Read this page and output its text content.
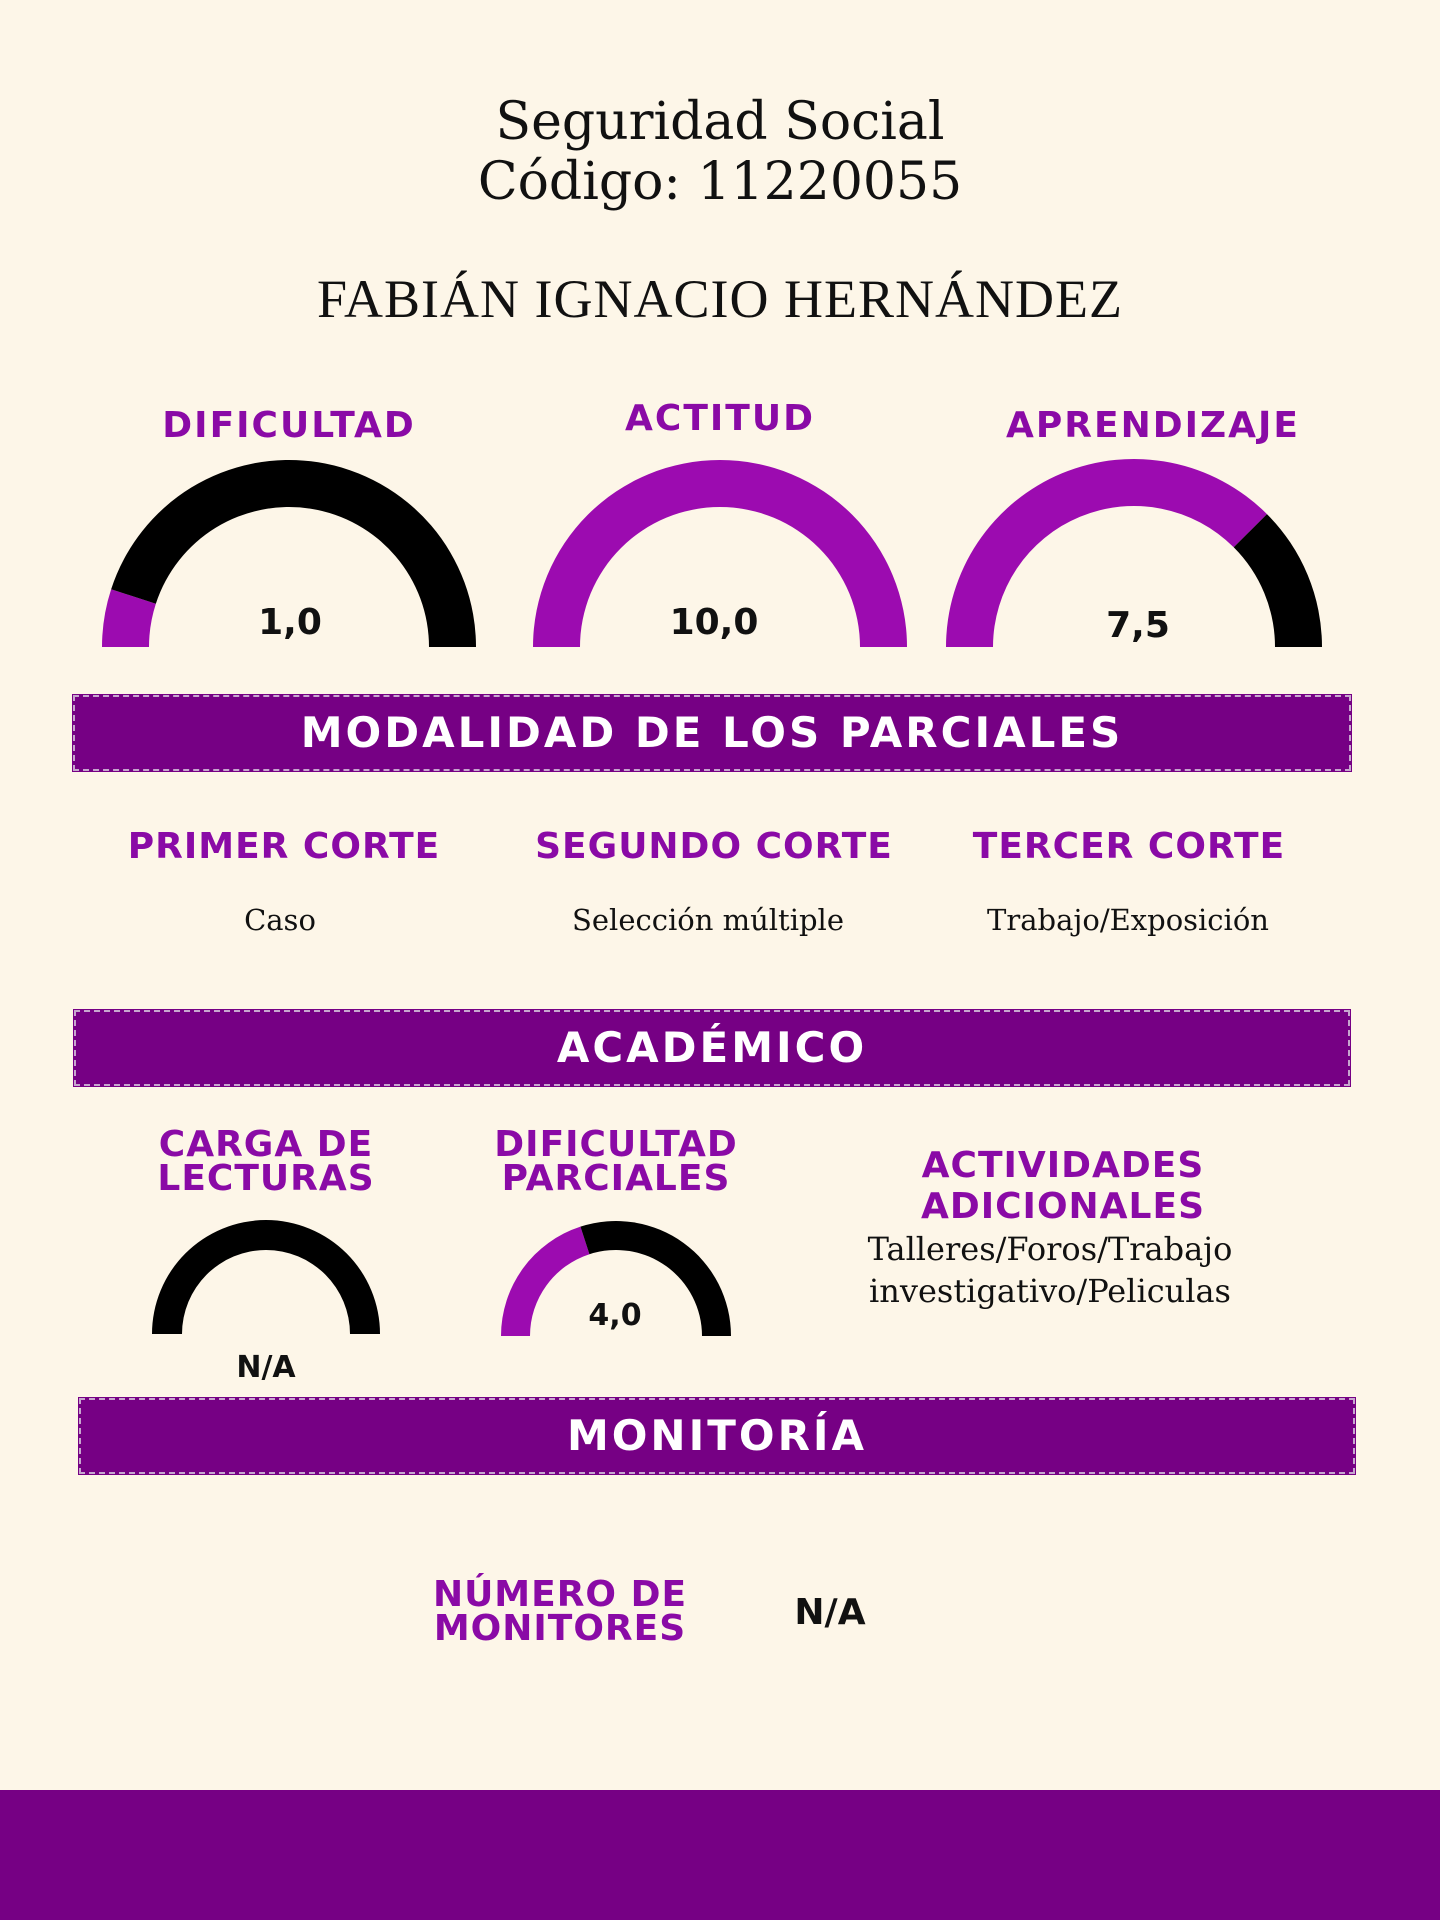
Seguridad Social
Código: 11220055
FABIÁN IGNACIO HERNÁNDEZ
DIFICULTAD	ACTITUD	APRENDIZAJE
1,0	10,0	7,5
MODALIDAD DE LOS PARCIALES
PRIMER CORTE	SEGUNDO CORTE	TERCER CORTE
Caso	Selección múltiple	Trabajo/Exposición
ACADÉMICO
CARGA DE
LECTURAS
DIFICULTAD
PARCIALES	ACTIVIDADES ADICIONALES
Talleres/Foros/Trabajo investigativo/Peliculas
N/A
4,0
MONITORÍA
NÚMERO DE
MONITORES	N/A
